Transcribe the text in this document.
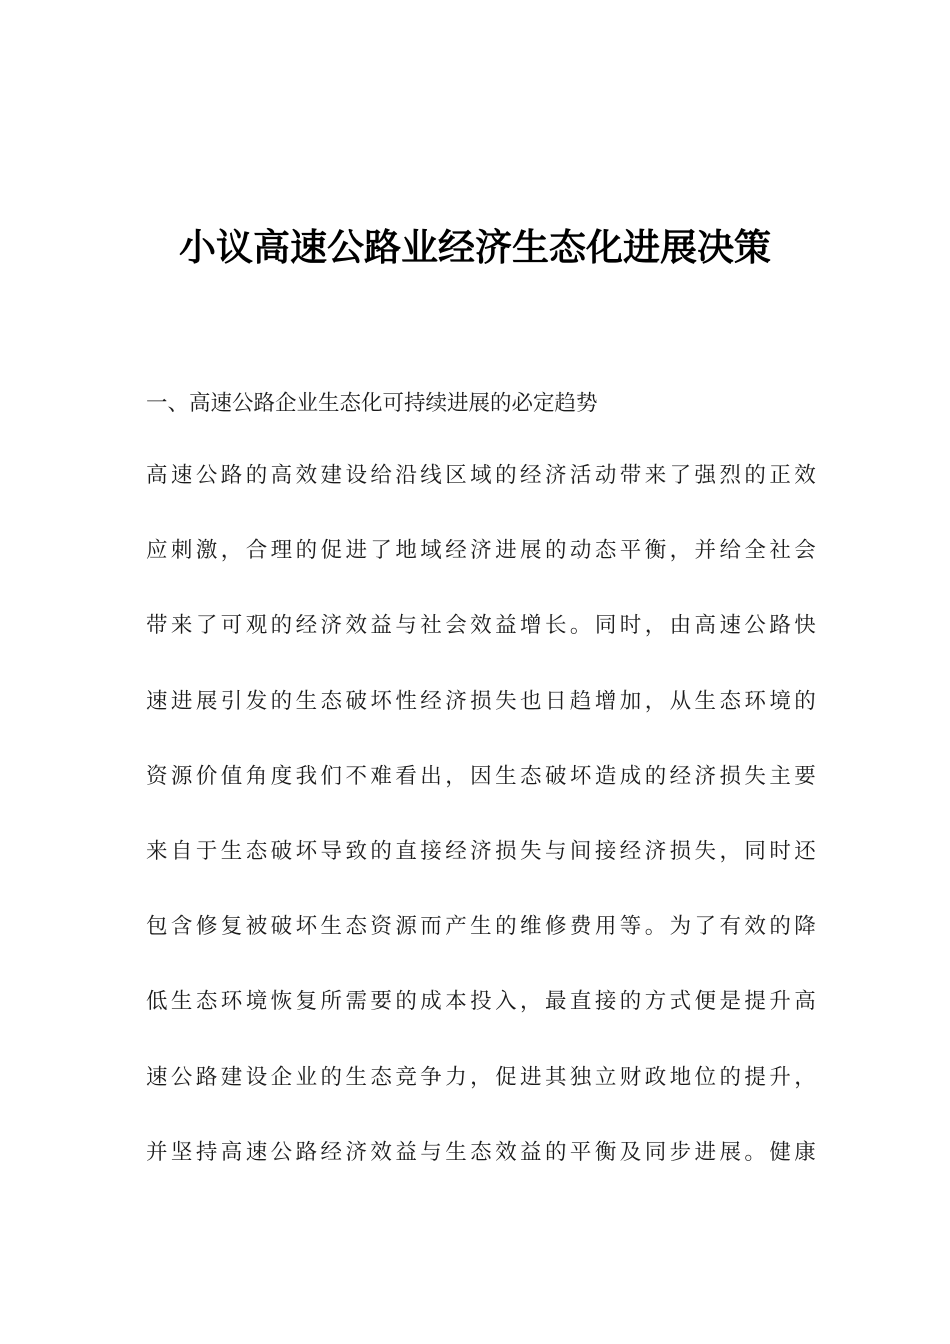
小议高速公路业经济生态化进展决策

一、高速公路企业生态化可持续进展的必定趋势

高速公路的高效建设给沿线区域的经济活动带来了强烈的正效
应刺激，合理的促进了地域经济进展的动态平衡，并给全社会
带来了可观的经济效益与社会效益增长。同时，由高速公路快
速进展引发的生态破坏性经济损失也日趋增加，从生态环境的
资源价值角度我们不难看出，因生态破坏造成的经济损失主要
来自于生态破坏导致的直接经济损失与间接经济损失，同时还
包含修复被破坏生态资源而产生的维修费用等。为了有效的降
低生态环境恢复所需要的成本投入，最直接的方式便是提升高
速公路建设企业的生态竞争力，促进其独立财政地位的提升，
并坚持高速公路经济效益与生态效益的平衡及同步进展。健康
